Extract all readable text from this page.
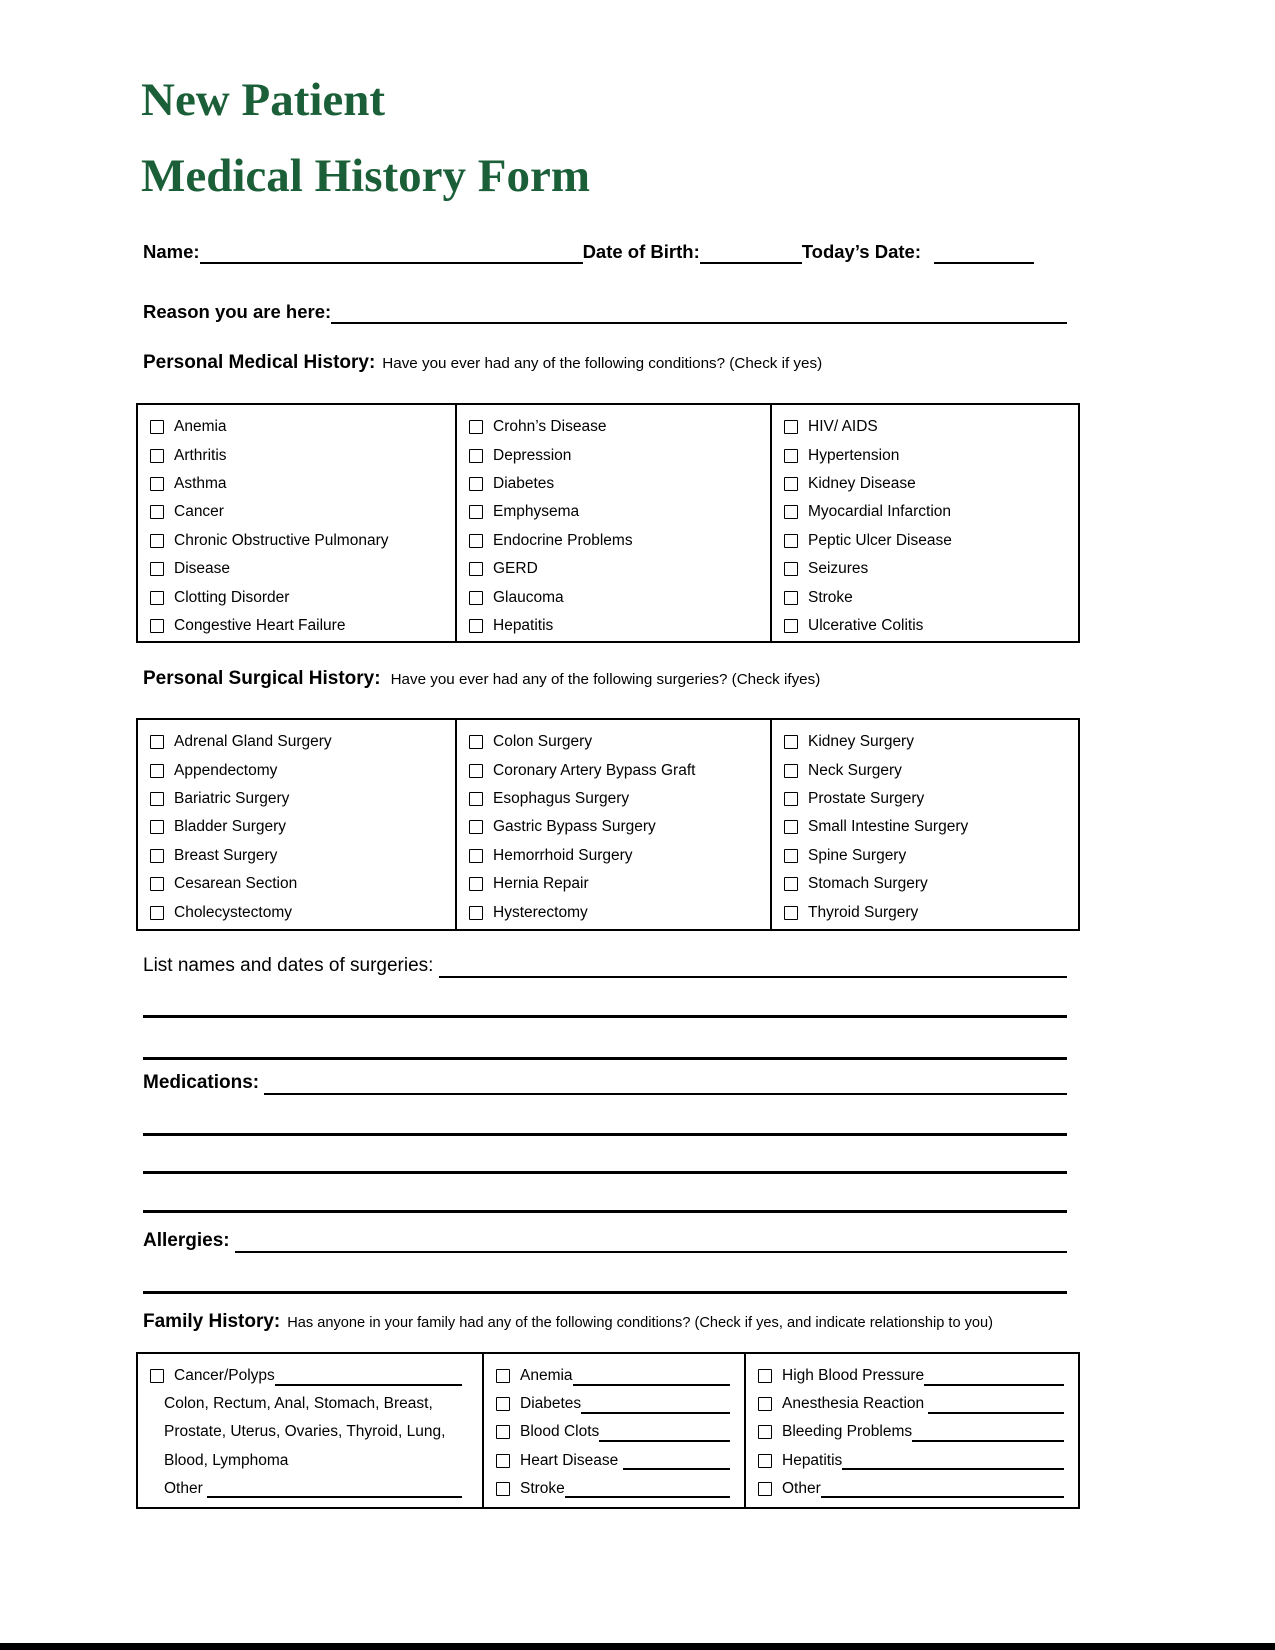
New Patient
Medical History Form
Name:	Date of Birth:	Today’s Date:
Reason you are here:
Personal Medical History: Have you ever had any of the following conditions? (Check if yes)
Anemia
Arthritis
Asthma
Cancer
Chronic Obstructive Pulmonary
Disease
Clotting Disorder
Congestive Heart Failure
Crohn’s Disease
Depression
Diabetes
Emphysema
Endocrine Problems
GERD
Glaucoma
Hepatitis
HIV/ AIDS
Hypertension
Kidney Disease
Myocardial Infarction
Peptic Ulcer Disease
Seizures
Stroke
Ulcerative Colitis
Personal Surgical History: Have you ever had any of the following surgeries? (Check ifyes)
Adrenal Gland Surgery
Appendectomy
Bariatric Surgery
Bladder Surgery
Breast Surgery
Cesarean Section
Cholecystectomy
Colon Surgery
Coronary Artery Bypass Graft
Esophagus Surgery
Gastric Bypass Surgery
Hemorrhoid Surgery
Hernia Repair
Hysterectomy
Kidney Surgery
Neck Surgery
Prostate Surgery
Small Intestine Surgery
Spine Surgery
Stomach Surgery
Thyroid Surgery
List names and dates of surgeries:
Medications:
Allergies:
Family History: Has anyone in your family had any of the following conditions? (Check if yes, and indicate relationship to you)
Cancer/Polyps
Colon, Rectum, Anal, Stomach, Breast,
Prostate, Uterus, Ovaries, Thyroid, Lung,
Blood, Lymphoma
Other
Anemia
Diabetes
Blood Clots
Heart Disease
Stroke
High Blood Pressure
Anesthesia Reaction
Bleeding Problems
Hepatitis
Other
